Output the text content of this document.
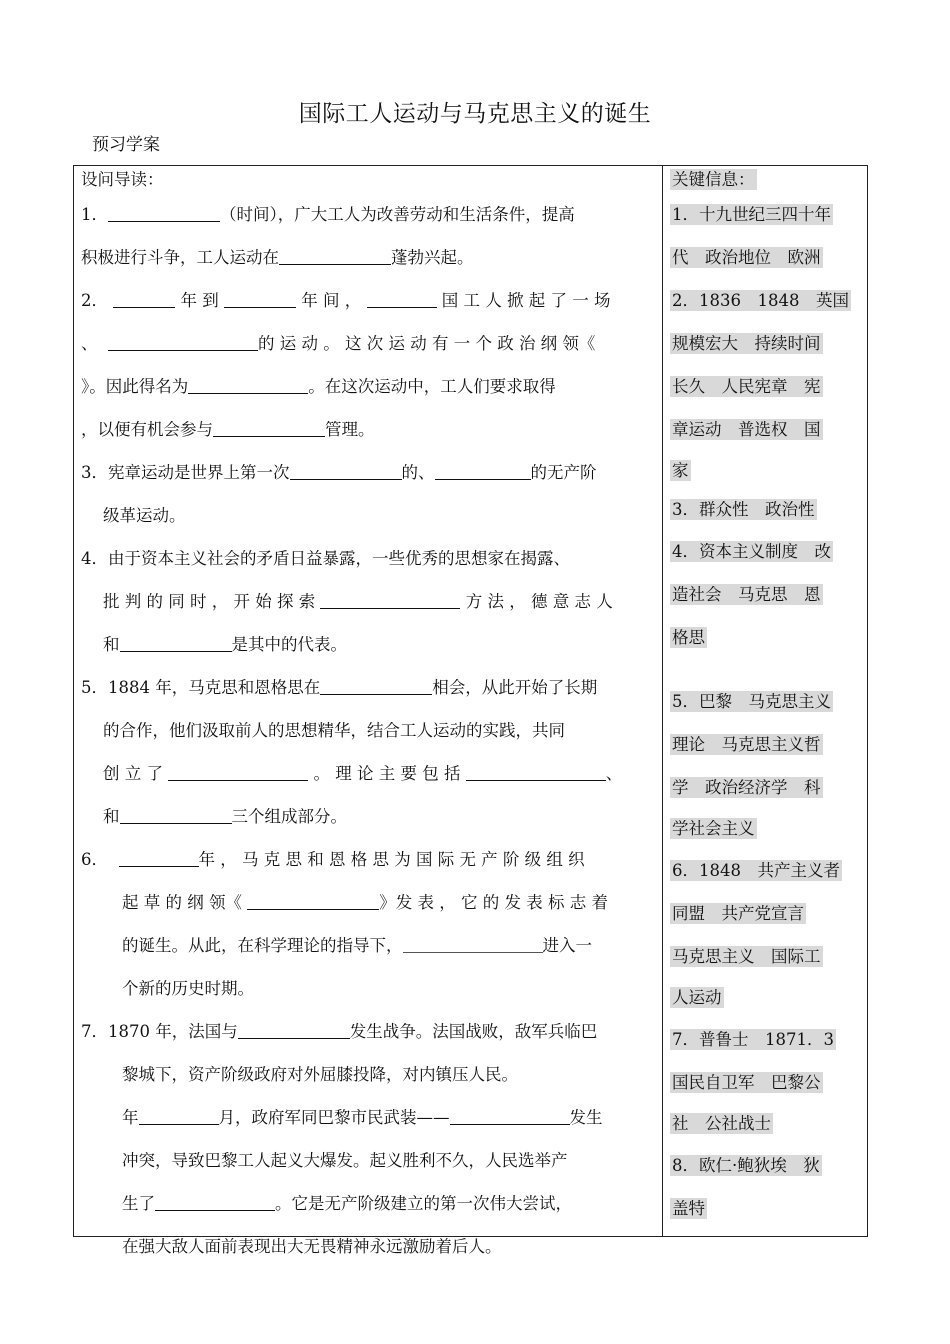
国际工人运动与马克思主义的诞生
预习学案
设问导读：
1．	（时间），广大工人为改善劳动和生活条件，提高
积极进行斗争，工人运动在	蓬勃兴起。
2．	年 到	年 间 ，	国 工 人 掀 起 了 一 场
、	的 运 动 。 这 次 运 动 有 一 个 政 治 纲 领《
》。因此得名为	。在这次运动中，工人们要求取得
，以便有机会参与	管理。
3．宪章运动是世界上第一次	的、	的无产阶
级革运动。
4．由于资本主义社会的矛盾日益暴露，一些优秀的思想家在揭露、
批 判 的 同 时 ， 开 始 探 索	方 法 ， 德 意 志 人
和	是其中的代表。
5．1884 年，马克思和恩格思在	相会，从此开始了长期
的合作，他们汲取前人的思想精华，结合工人运动的实践，共同
创 立 了	。 理 论 主 要 包 括	、
和	三个组成部分。
6．	年 ， 马 克 思 和 恩 格 思 为 国 际 无 产 阶 级 组 织
起 草 的 纲 领《	》发 表 ， 它 的 发 表 标 志 着
的诞生。从此，在科学理论的指导下，	进入一
个新的历史时期。
7．1870 年，法国与	发生战争。法国战败，敌军兵临巴
黎城下，资产阶级政府对外屈膝投降，对内镇压人民。
年	月，政府军同巴黎市民武装——	发生
冲突，导致巴黎工人起义大爆发。起义胜利不久，人民选举产
生了	。它是无产阶级建立的第一次伟大尝试，
在强大敌人面前表现出大无畏精神永远激励着后人。
关键信息：
1．十九世纪三四十年
代　政治地位　欧洲
2．1836　1848　英国
规模宏大　持续时间
长久　人民宪章　宪
章运动　普选权　国
家
3．群众性　政治性
4．资本主义制度　改
造社会　马克思　恩
格思
5．巴黎　马克思主义
理论　马克思主义哲
学　政治经济学　科
学社会主义
6．1848　共产主义者
同盟　共产党宣言
马克思主义　国际工
人运动
7．普鲁士　1871．3
国民自卫军　巴黎公
社　公社战士
8．欧仁·鲍狄埃　狄
盖特
